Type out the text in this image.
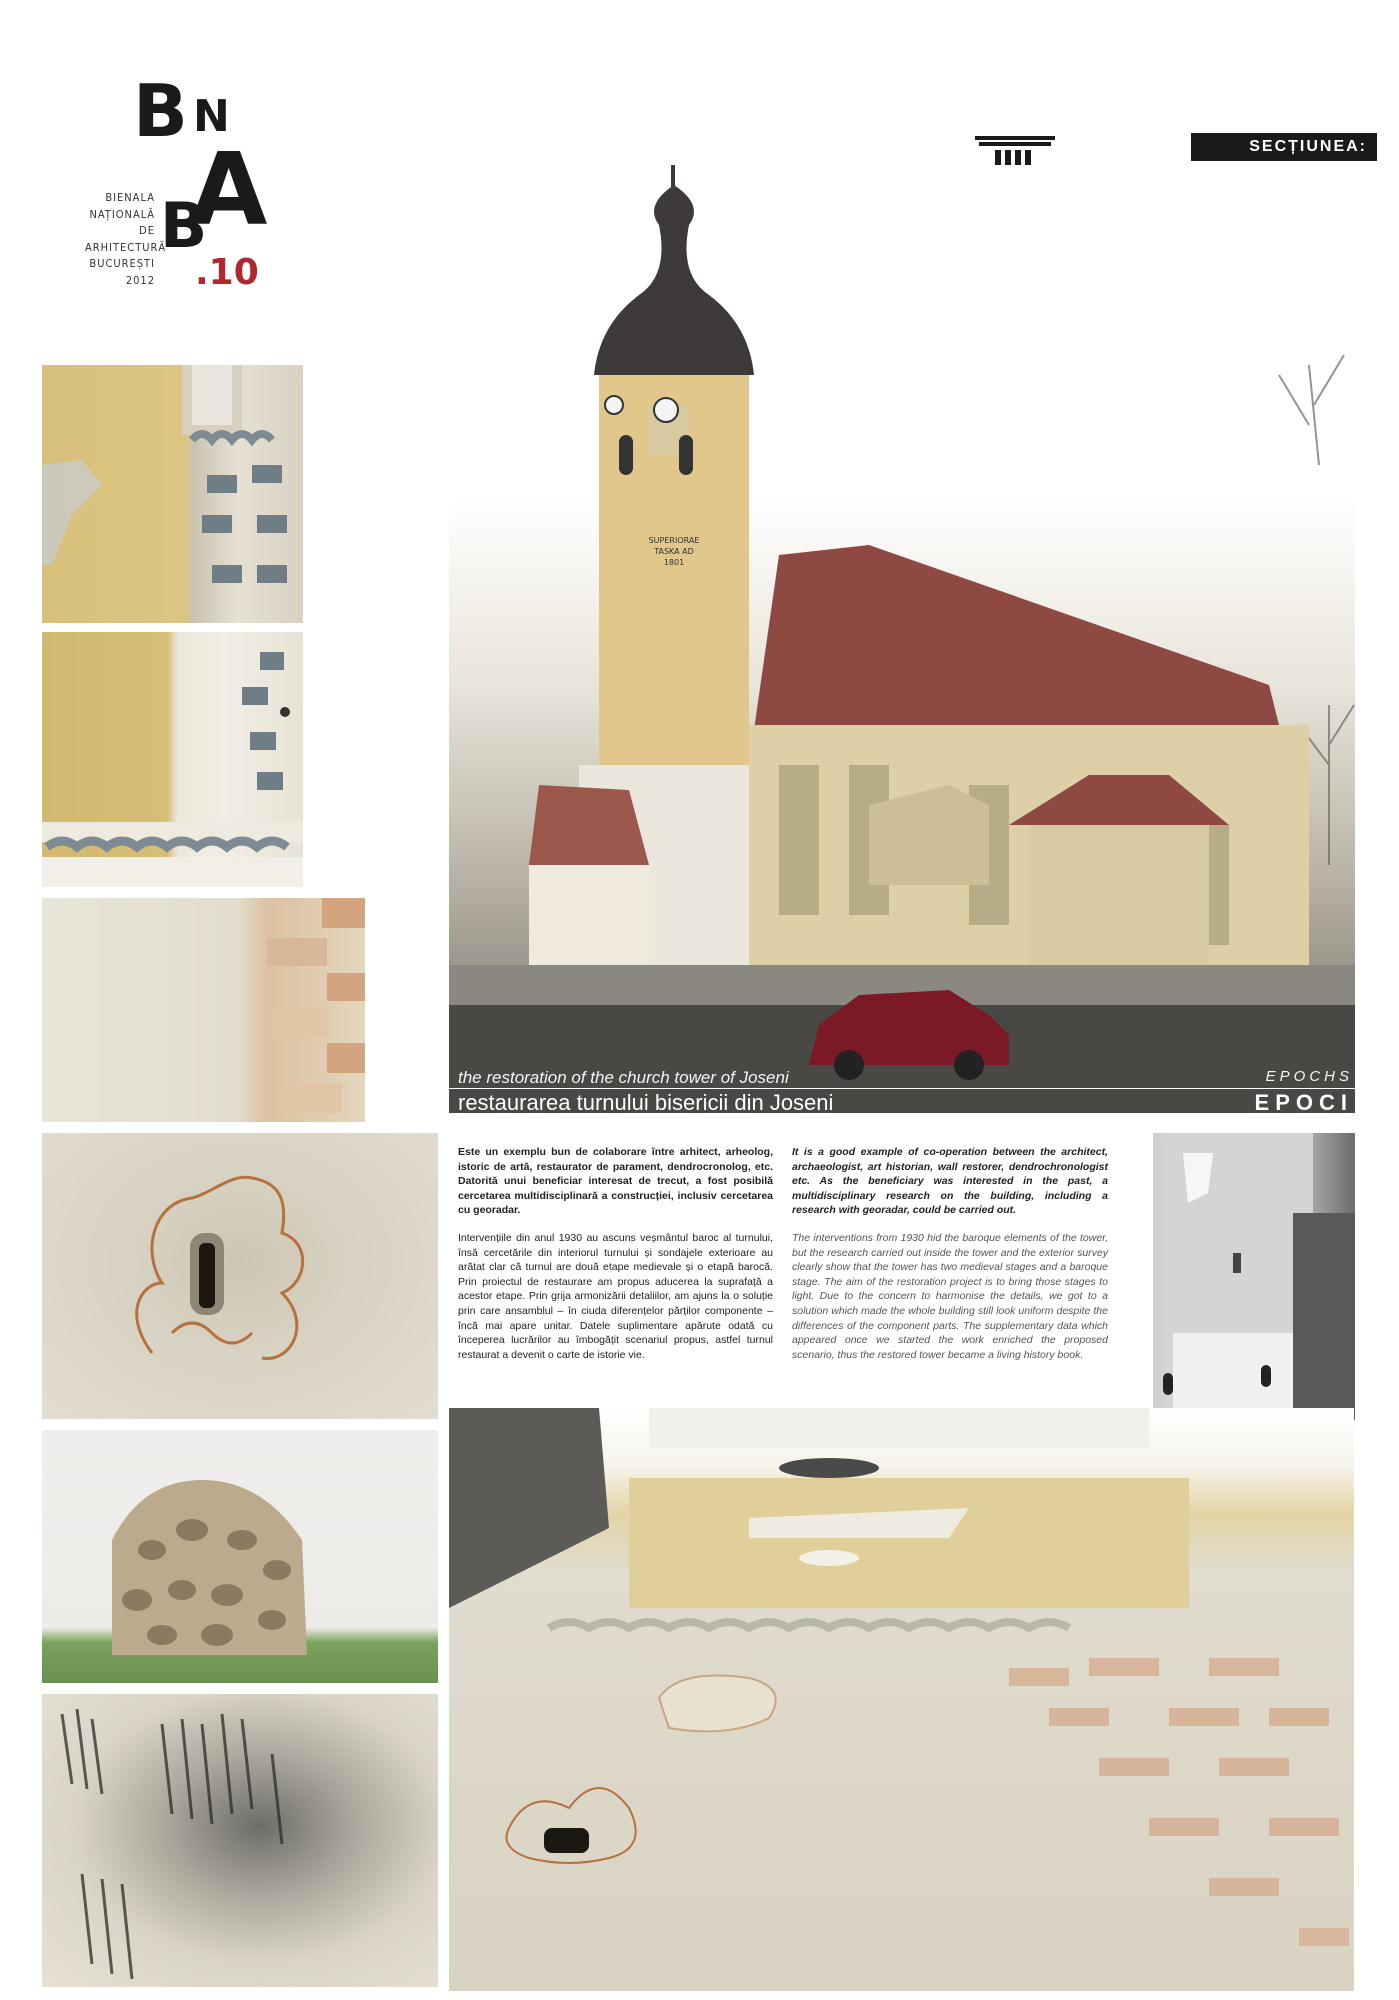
B N
A
B
BIENALA
NAȚIONALĂ
DE
ARHITECTURĂ
BUCUREȘTI
2012 .10
SECȚIUNEA:
SUPERIORAE
TASKA AD
1801
the restoration of the church tower of Joseni
restaurarea turnului bisericii din Joseni
EPOCHS
EPOCI

Este un exemplu bun de colaborare între arhitect, arheolog, istoric de artă, restaurator de parament, dendrocronolog, etc. Datorită unui beneficiar interesat de trecut, a fost posibilă cercetarea multidisciplinară a construcției, inclusiv cercetarea cu georadar.

Intervențiile din anul 1930 au ascuns veșmântul baroc al turnului, însă cercetările din interiorul turnului și sondajele exterioare au arătat clar că turnul are două etape medievale și o etapă barocă. Prin proiectul de restaurare am propus aducerea la suprafață a acestor etape. Prin grija armonizării detaliilor, am ajuns la o soluție prin care ansamblul – în ciuda diferențelor părților componente – încă mai apare unitar. Datele suplimentare apărute odată cu începerea lucrărilor au îmbogățit scenariul propus, astfel turnul restaurat a devenit o carte de istorie vie.

It is a good example of co-operation between the architect, archaeologist, art historian, wall restorer, dendrochronologist etc. As the beneficiary was interested in the past, a multidisciplinary research on the building, including a research with georadar, could be carried out.

The interventions from 1930 hid the baroque elements of the tower, but the research carried out inside the tower and the exterior survey clearly show that the tower has two medieval stages and a baroque stage. The aim of the restoration project is to bring those stages to light. Due to the concern to harmonise the details, we got to a solution which made the whole building still look uniform despite the differences of the component parts. The supplementary data which appeared once we started the work enriched the proposed scenario, thus the restored tower became a living history book.
